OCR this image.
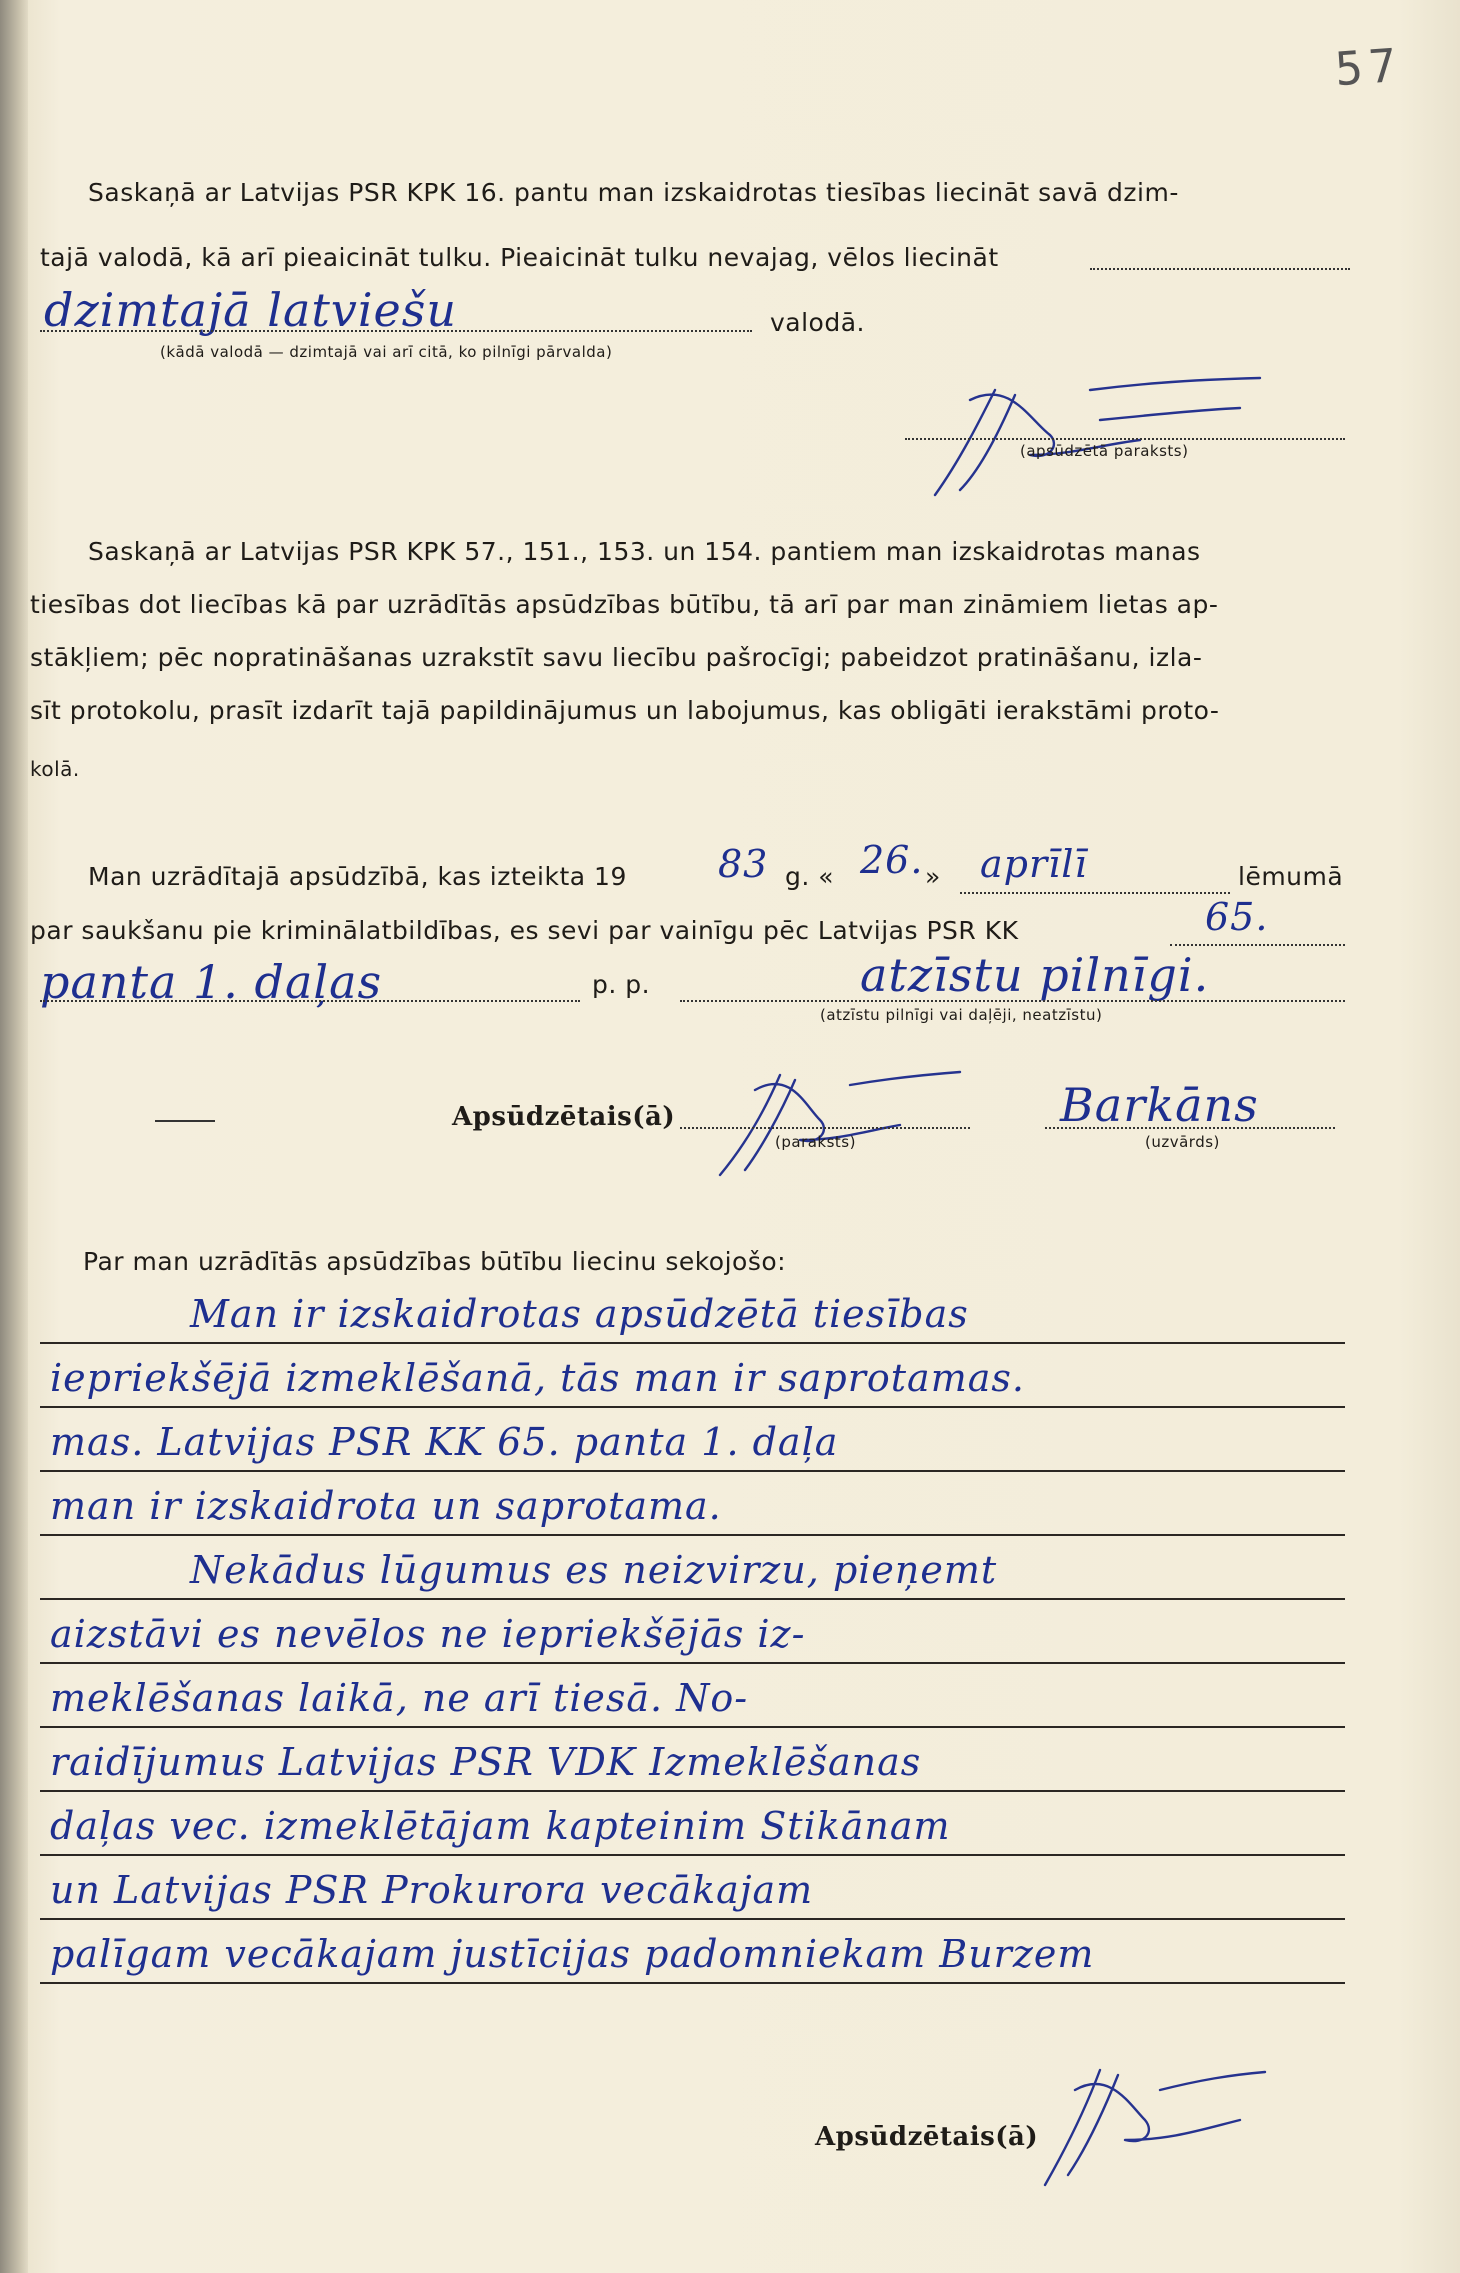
57
Saskaņā ar Latvijas PSR KPK 16. pantu man izskaidrotas tiesības liecināt savā dzim-
tajā valodā, kā arī pieaicināt tulku. Pieaicināt tulku nevajag, vēlos liecināt
dzimtajā latviešu	valodā.
(kādā valodā — dzimtajā vai arī citā, ko pilnīgi pārvalda)
(apsūdzētā paraksts)
Saskaņā ar Latvijas PSR KPK 57., 151., 153. un 154. pantiem man izskaidrotas manas
tiesības dot liecības kā par uzrādītās apsūdzības būtību, tā arī par man zināmiem lietas ap-
stākļiem; pēc nopratināšanas uzrakstīt savu liecību pašrocīgi; pabeidzot pratināšanu, izla-
sīt protokolu, prasīt izdarīt tajā papildinājumus un labojumus, kas obligāti ierakstāmi proto-
kolā.
Man uzrādītajā apsūdzībā, kas izteikta 19 83 g. « 26. » aprīlī	lēmumā
par saukšanu pie kriminālatbildības, es sevi par vainīgu pēc Latvijas PSR KK	65.
panta 1. daļas	p. p.	atzīstu pilnīgi.
(atzīstu pilnīgi vai daļēji, neatzīstu)
Apsūdzētais(ā)
(paraksts)
Barkāns
(uzvārds)
Par man uzrādītās apsūdzības būtību liecinu sekojošo:
Man ir izskaidrotas apsūdzētā tiesības
iepriekšējā izmeklēšanā, tās man ir saprotamas.
mas. Latvijas PSR KK 65. panta 1. daļa
man ir izskaidrota un saprotama.
Nekādus lūgumus es neizvirzu, pieņemt
aizstāvi es nevēlos ne iepriekšējās iz-
meklēšanas laikā, ne arī tiesā. No-
raidījumus Latvijas PSR VDK Izmeklēšanas
daļas vec. izmeklētājam kapteinim Stikānam
un Latvijas PSR Prokurora vecākajam
palīgam vecākajam justīcijas padomniekam Burzem
Apsūdzētais(ā)
